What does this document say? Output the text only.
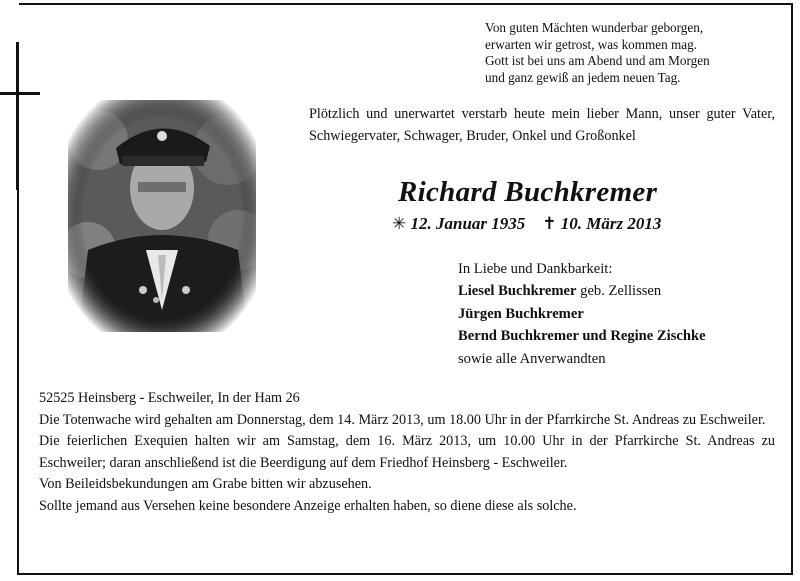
Von guten Mächten wunderbar geborgen,
erwarten wir getrost, was kommen mag.
Gott ist bei uns am Abend und am Morgen
und ganz gewiß an jedem neuen Tag.
Plötzlich und unerwartet verstarb heute mein lieber Mann, unser guter Vater, Schwiegervater, Schwager, Bruder, Onkel und Großonkel
Richard Buchkremer
✳ 12. Januar 1935 ✝ 10. März 2013
In Liebe und Dankbarkeit:
Liesel Buchkremer geb. Zellissen
Jürgen Buchkremer
Bernd Buchkremer und Regine Zischke
sowie alle Anverwandten
52525 Heinsberg - Eschweiler, In der Ham 26
Die Totenwache wird gehalten am Donnerstag, dem 14. März 2013, um 18.00 Uhr in der Pfarrkirche St. Andreas zu Eschweiler.
Die feierlichen Exequien halten wir am Samstag, dem 16. März 2013, um 10.00 Uhr in der Pfarrkirche St. Andreas zu Eschweiler; daran anschließend ist die Beerdigung auf dem Friedhof Heinsberg - Eschweiler.
Von Beileidsbekundungen am Grabe bitten wir abzusehen.
Sollte jemand aus Versehen keine besondere Anzeige erhalten haben, so diene diese als solche.
